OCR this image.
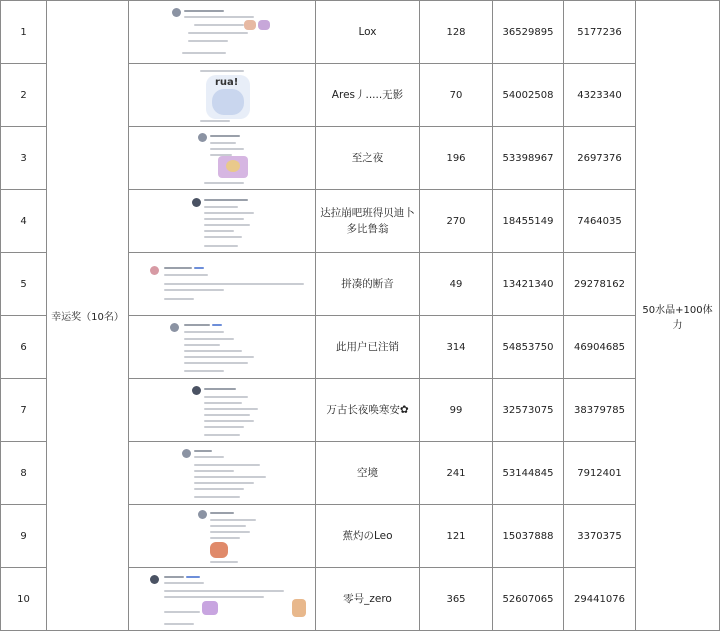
1	幸运奖（10名）		Lox	128	36529895	5177236	50水晶+100体力
2		rua!	Ares丿.....无影	70	54002508	4323340	
3			至之夜	196	53398967	2697376	
4			达拉崩吧班得贝迪卜多比鲁翁	270	18455149	7464035	
5			拼凑的断音	49	13421340	29278162	
6			此用户已注销	314	54853750	46904685	
7			万古长夜唤寒安✿	99	32573075	38379785	
8			空境	241	53144845	7912401	
9			蕉灼のLeo	121	15037888	3370375	
10			零号_zero	365	52607065	29441076	
